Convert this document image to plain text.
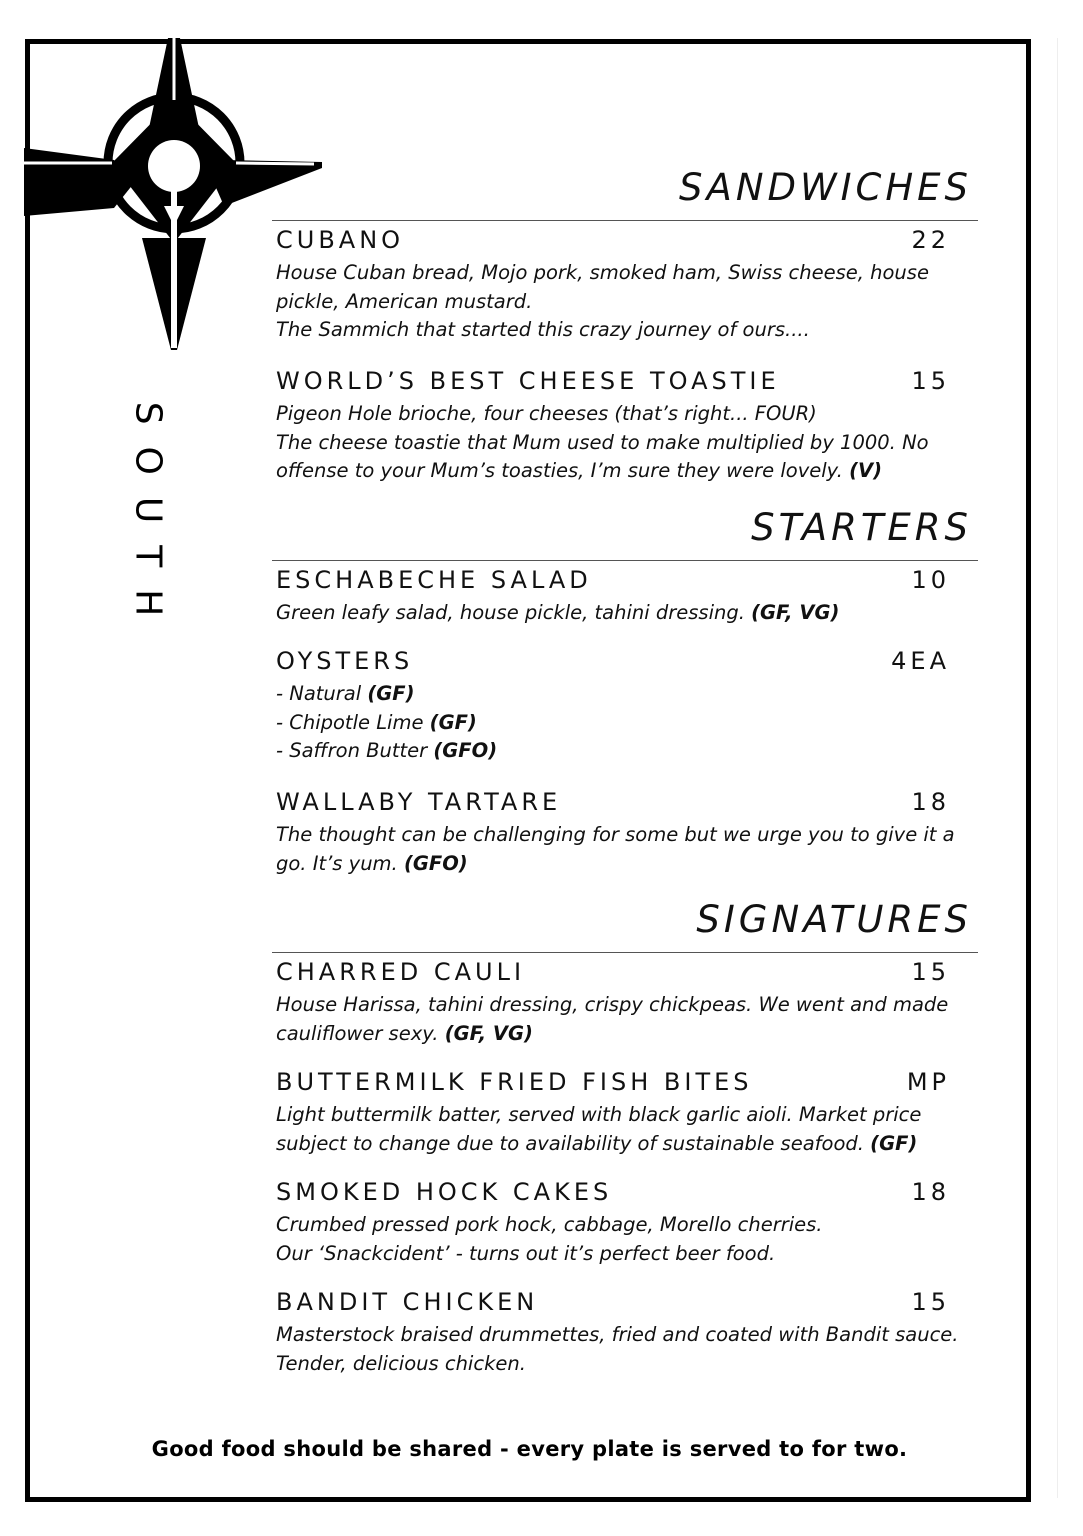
SOUTH
SANDWICHES
CUBANO	22
House Cuban bread, Mojo pork, smoked ham, Swiss cheese, house
pickle, American mustard.
The Sammich that started this crazy journey of ours....
WORLD’S BEST CHEESE TOASTIE	15
Pigeon Hole brioche, four cheeses (that’s right... FOUR)
The cheese toastie that Mum used to make multiplied by 1000. No
offense to your Mum’s toasties, I’m sure they were lovely. (V)
STARTERS
ESCHABECHE SALAD	10
Green leafy salad, house pickle, tahini dressing. (GF, VG)
OYSTERS	4EA
- Natural (GF)
- Chipotle Lime (GF)
- Saffron Butter (GFO)
WALLABY TARTARE	18
The thought can be challenging for some but we urge you to give it a
go. It’s yum. (GFO)
SIGNATURES
CHARRED CAULI	15
House Harissa, tahini dressing, crispy chickpeas. We went and made
cauliflower sexy. (GF, VG)
BUTTERMILK FRIED FISH BITES	MP
Light buttermilk batter, served with black garlic aioli. Market price
subject to change due to availability of sustainable seafood. (GF)
SMOKED HOCK CAKES	18
Crumbed pressed pork hock, cabbage, Morello cherries.
Our ‘Snackcident’ - turns out it’s perfect beer food.
BANDIT CHICKEN	15
Masterstock braised drummettes, fried and coated with Bandit sauce.
Tender, delicious chicken.
Good food should be shared - every plate is served to for two.
